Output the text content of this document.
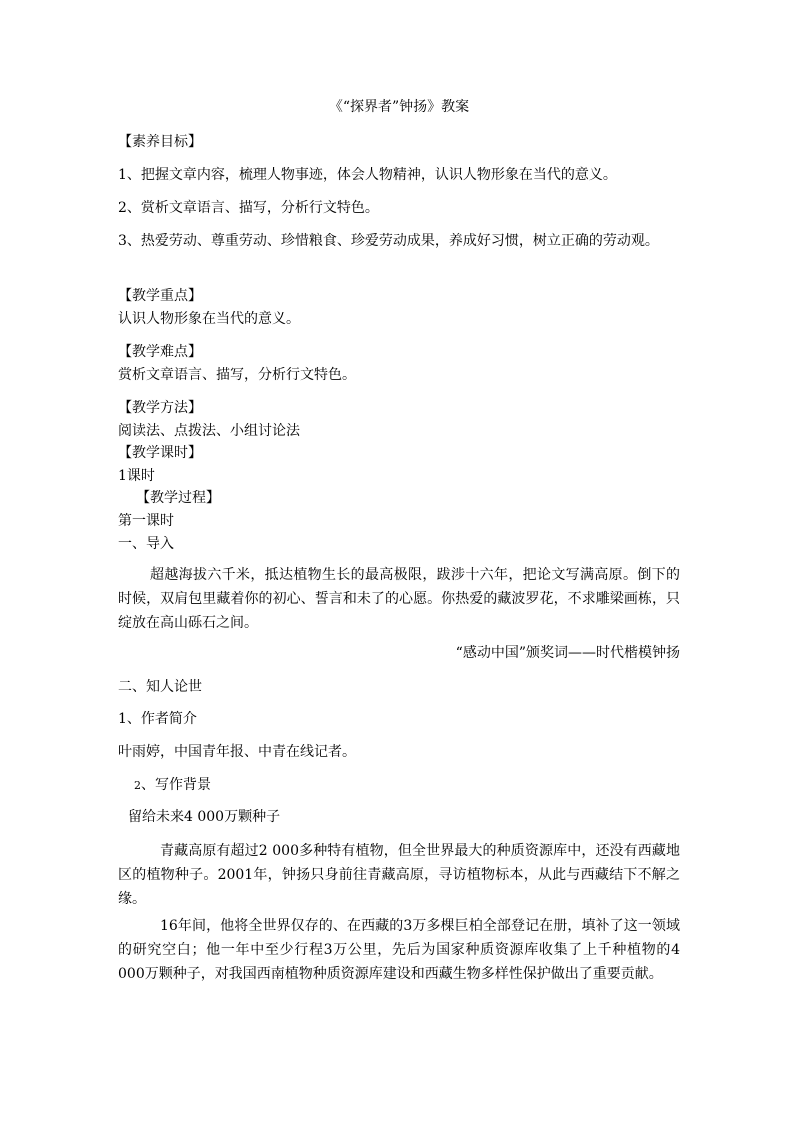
《“探界者”钟扬》教案
【素养目标】
1、把握文章内容，梳理人物事迹，体会人物精神，认识人物形象在当代的意义。
2、赏析文章语言、描写，分析行文特色。
3、热爱劳动、尊重劳动、珍惜粮食、珍爱劳动成果，养成好习惯，树立正确的劳动观。
【教学重点】
认识人物形象在当代的意义。
【教学难点】
赏析文章语言、描写，分析行文特色。
【教学方法】
阅读法、点拨法、小组讨论法
【教学课时】
1课时
【教学过程】
第一课时
一、导入
超越海拔六千米，抵达植物生长的最高极限，跋涉十六年，把论文写满高原。倒下的时候，双肩包里藏着你的初心、誓言和未了的心愿。你热爱的藏波罗花，不求雕梁画栋，只绽放在高山砾石之间。
“感动中国”颁奖词——时代楷模钟扬
二、知人论世
1、作者简介
叶雨婷，中国青年报、中青在线记者。
2、写作背景
留给未来4 000万颗种子
青藏高原有超过2 000多种特有植物，但全世界最大的种质资源库中，还没有西藏地区的植物种子。2001年，钟扬只身前往青藏高原，寻访植物标本，从此与西藏结下不解之缘。
16年间，他将全世界仅存的、在西藏的3万多棵巨柏全部登记在册，填补了这一领域的研究空白；他一年中至少行程3万公里，先后为国家种质资源库收集了上千种植物的4 000万颗种子，对我国西南植物种质资源库建设和西藏生物多样性保护做出了重要贡献。
